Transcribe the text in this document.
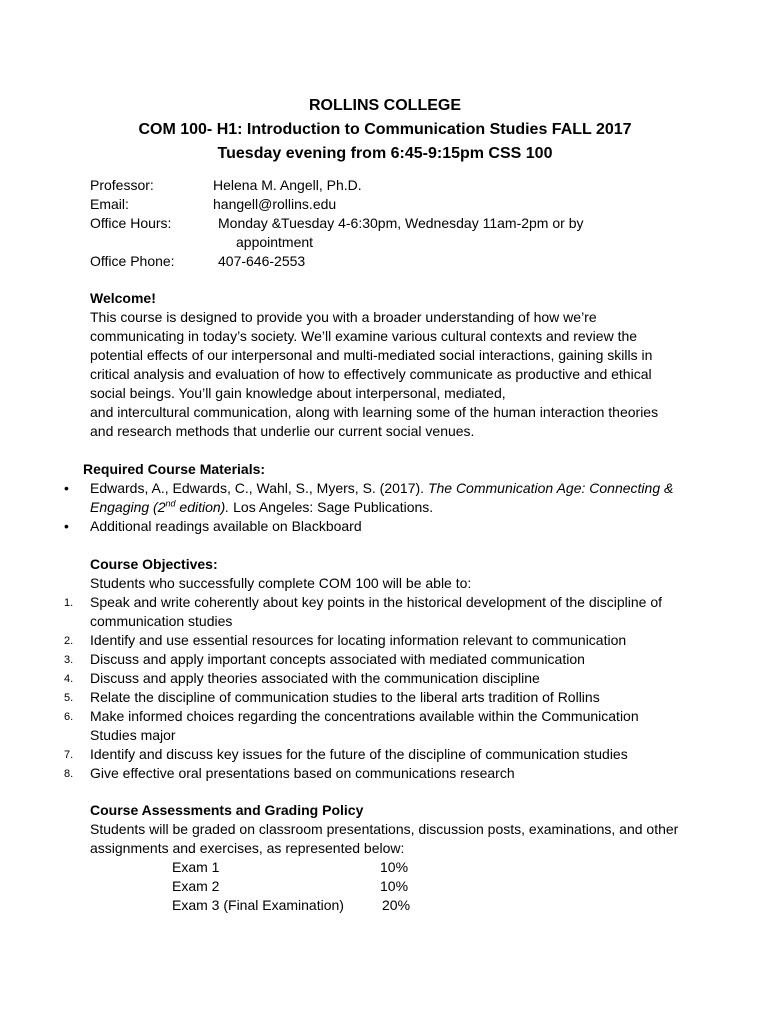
ROLLINS COLLEGE
COM 100- H1: Introduction to Communication Studies FALL 2017
Tuesday evening from 6:45-9:15pm CSS 100
Professor:	Helena M. Angell, Ph.D.
Email:	hangell@rollins.edu
Office Hours:	Monday &Tuesday 4-6:30pm, Wednesday 11am-2pm or by
appointment
Office Phone:	407-646-2553
Welcome!
This course is designed to provide you with a broader understanding of how we’re
communicating in today’s society. We’ll examine various cultural contexts and review the
potential effects of our interpersonal and multi-mediated social interactions, gaining skills in
critical analysis and evaluation of how to effectively communicate as productive and ethical
social beings. You’ll gain knowledge about interpersonal, mediated,
and intercultural communication, along with learning some of the human interaction theories
and research methods that underlie our current social venues.
Required Course Materials:
• Edwards, A., Edwards, C., Wahl, S., Myers, S. (2017). The Communication Age: Connecting &
Engaging (2nd edition). Los Angeles: Sage Publications.
• Additional readings available on Blackboard
Course Objectives:
Students who successfully complete COM 100 will be able to:
1. Speak and write coherently about key points in the historical development of the discipline of
communication studies
2. Identify and use essential resources for locating information relevant to communication
3. Discuss and apply important concepts associated with mediated communication
4. Discuss and apply theories associated with the communication discipline
5. Relate the discipline of communication studies to the liberal arts tradition of Rollins
6. Make informed choices regarding the concentrations available within the Communication
Studies major
7. Identify and discuss key issues for the future of the discipline of communication studies
8. Give effective oral presentations based on communications research
Course Assessments and Grading Policy
Students will be graded on classroom presentations, discussion posts, examinations, and other
assignments and exercises, as represented below:
Exam 1	10%
Exam 2	10%
Exam 3 (Final Examination)	20%
